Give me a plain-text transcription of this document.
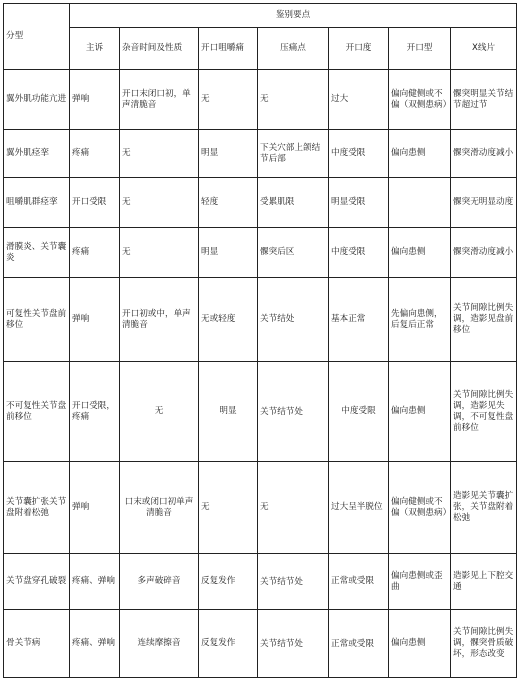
分型	鉴别要点						
	主诉	杂音时间及性质	开口咀嚼痛	压痛点	开口度	开口型	X线片
翼外肌功能亢进	弹响	开口末闭口初，单声清脆音	无	无	过大	偏向健侧或不偏（双侧患病）	髁突明显关节结节超过节
翼外肌痉挛	疼痛	无	明显	下关穴部上颌结节后部	中度受限	偏向患侧	髁突滑动度减小
咀嚼肌群痉挛	开口受限	无	轻度	受累肌限	明显受限		髁突无明显动度
滑膜炎、关节囊炎	疼痛	无	明显	髁突后区	中度受限	偏向患侧	髁突滑动度减小
可复性关节盘前移位	弹响	开口初或中，单声清脆音	无或轻度	关节结处	基本正常	先偏向患侧，后复后正常	关节间隙比例失调，造影见盘前移位
不可复性关节盘前移位	开口受限，疼痛	无	明显	关节结节处	中度受限	偏向患侧	关节间隙比例失调，造影见失调，不可复性盘前移位
关节囊扩张关节盘附着松弛	弹响	口末或闭口初单声清脆音	无	无	过大呈半脱位	偏向健侧或不偏（双侧患病）	造影见关节囊扩张，关节盘附着松弛
关节盘穿孔破裂	疼痛、弹响	多声破碎音	反复发作	关节结节处	正常或受限	偏向患侧或歪曲	造影见上下腔交通
骨关节病	疼痛、弹响	连续摩擦音	反复发作	关节结节处	正常或受限	偏向患侧	关节间隙比例失调，髁突骨质破坏，形态改变
